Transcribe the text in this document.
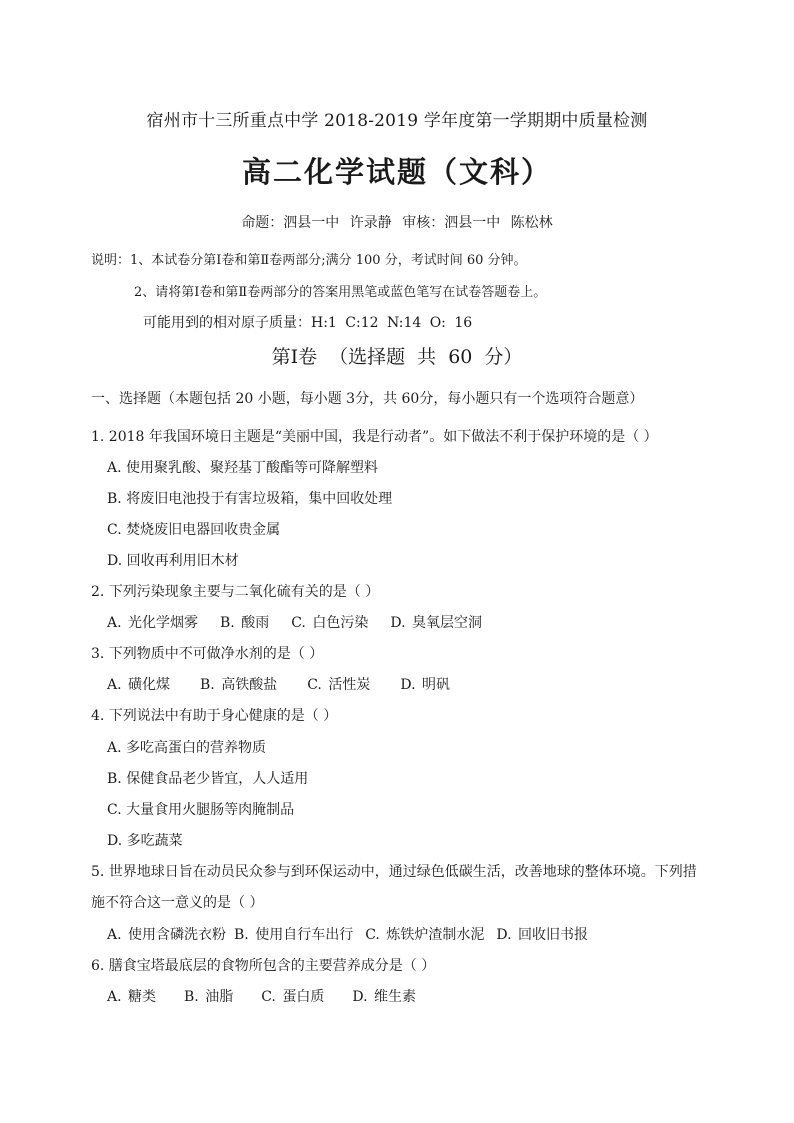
宿州市十三所重点中学 2018-2019 学年度第一学期期中质量检测
高二化学试题（文科）
命题：泗县一中 许录静 审核：泗县一中 陈松林
说明：1、本试卷分第Ⅰ卷和第Ⅱ卷两部分;满分 100 分，考试时间 60 分钟。
2、请将第Ⅰ卷和第Ⅱ卷两部分的答案用黑笔或蓝色笔写在试卷答题卷上。
可能用到的相对原子质量：H:1 C:12 N:14 O: 16
第Ⅰ卷 （选择题 共 60 分）
一、选择题（本题包括 20 小题，每小题 3分，共 60分，每小题只有一个选项符合题意）
1. 2018 年我国环境日主题是“美丽中国，我是行动者”。如下做法不利于保护环境的是（ ）
A. 使用聚乳酸、聚羟基丁酸酯等可降解塑料
B. 将废旧电池投于有害垃圾箱，集中回收处理
C. 焚烧废旧电器回收贵金属
D. 回收再利用旧木材
2. 下列污染现象主要与二氧化硫有关的是（ ）
A. 光化学烟雾 B. 酸雨 C. 白色污染 D. 臭氧层空洞
3. 下列物质中不可做净水剂的是（ ）
A. 磺化煤 B. 高铁酸盐 C. 活性炭 D. 明矾
4. 下列说法中有助于身心健康的是（ ）
A. 多吃高蛋白的营养物质
B. 保健食品老少皆宜，人人适用
C. 大量食用火腿肠等肉腌制品
D. 多吃蔬菜
5. 世界地球日旨在动员民众参与到环保运动中，通过绿色低碳生活，改善地球的整体环境。下列措
施不符合这一意义的是（ ）
A. 使用含磷洗衣粉 B. 使用自行车出行 C. 炼铁炉渣制水泥 D. 回收旧书报
6. 膳食宝塔最底层的食物所包含的主要营养成分是（ ）
A. 糖类 B. 油脂 C. 蛋白质 D. 维生素
